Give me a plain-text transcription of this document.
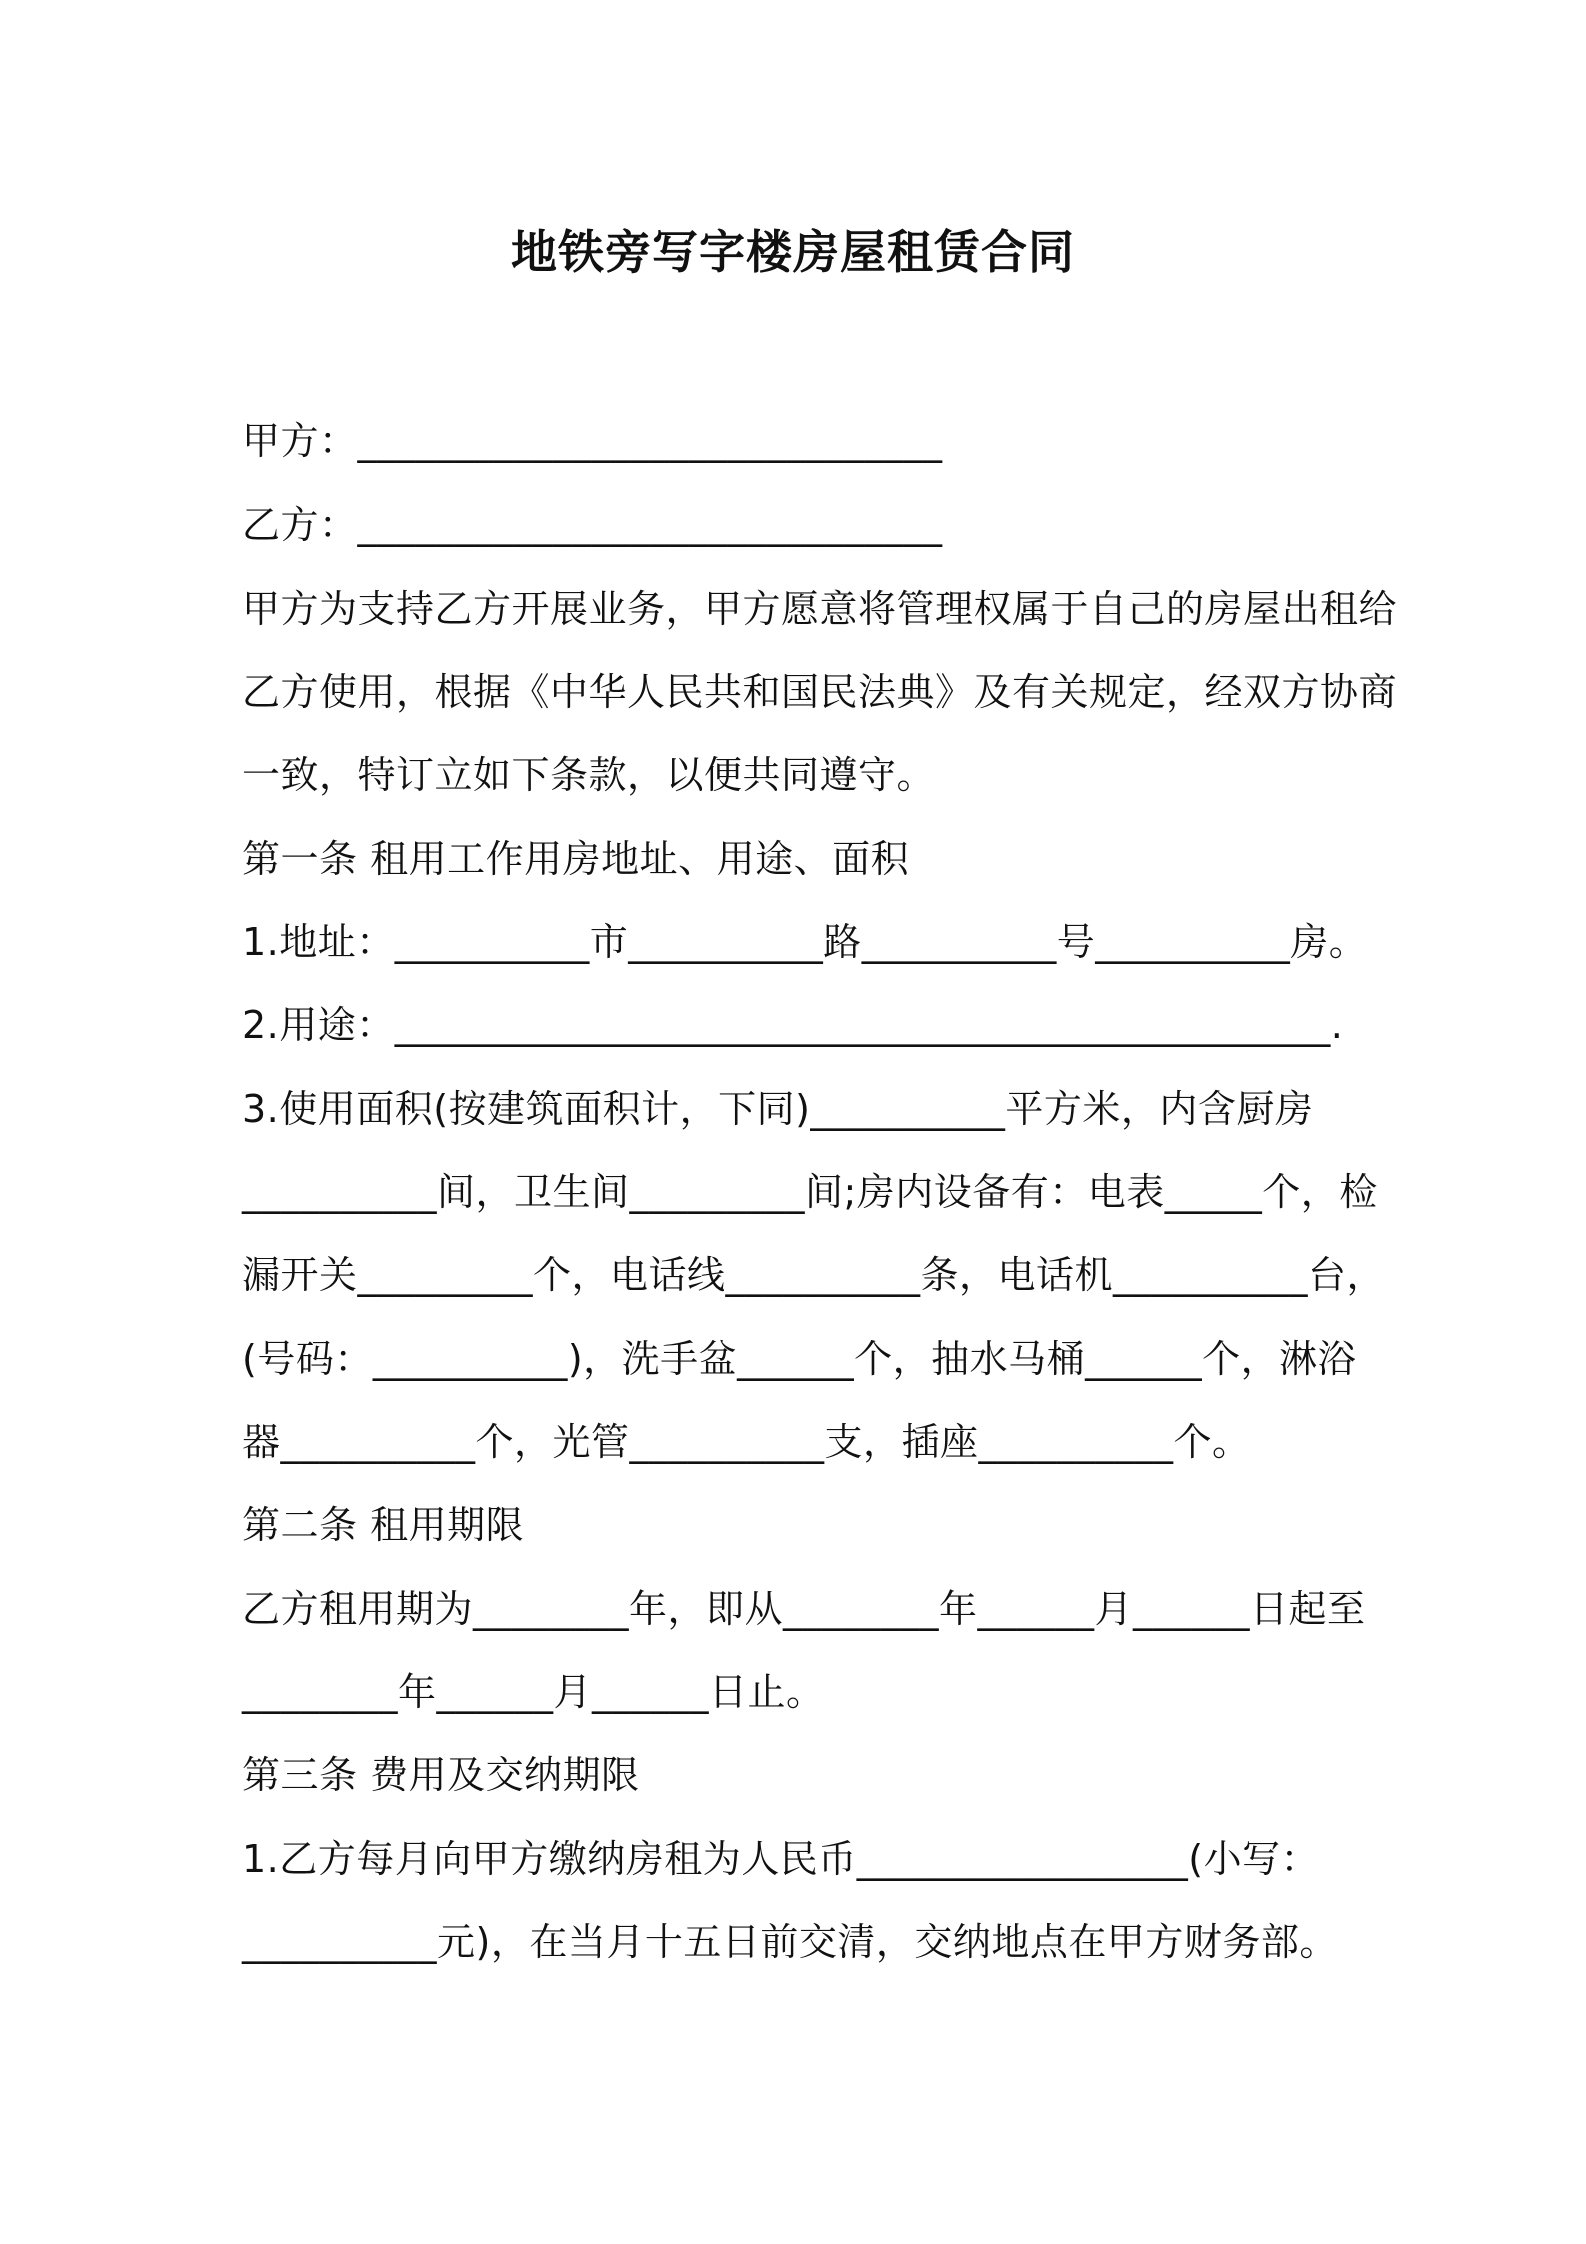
地铁旁写字楼房屋租赁合同
甲方：______________________________
乙方：______________________________
甲方为支持乙方开展业务，甲方愿意将管理权属于自己的房屋出租给
乙方使用，根据《中华人民共和国民法典》及有关规定，经双方协商
一致，特订立如下条款，以便共同遵守。
第一条 租用工作用房地址、用途、面积
1.地址：__________市__________路__________号__________房。
2.用途：________________________________________________.
3.使用面积(按建筑面积计，下同)__________平方米，内含厨房
__________间，卫生间_________间;房内设备有：电表_____个，检
漏开关_________个，电话线__________条，电话机__________台，
(号码：__________)，洗手盆______个，抽水马桶______个，淋浴
器__________个，光管__________支，插座__________个。
第二条 租用期限
乙方租用期为________年，即从________年______月______日起至
________年______月______日止。
第三条 费用及交纳期限
1.乙方每月向甲方缴纳房租为人民币_________________(小写：
__________元)，在当月十五日前交清，交纳地点在甲方财务部。
